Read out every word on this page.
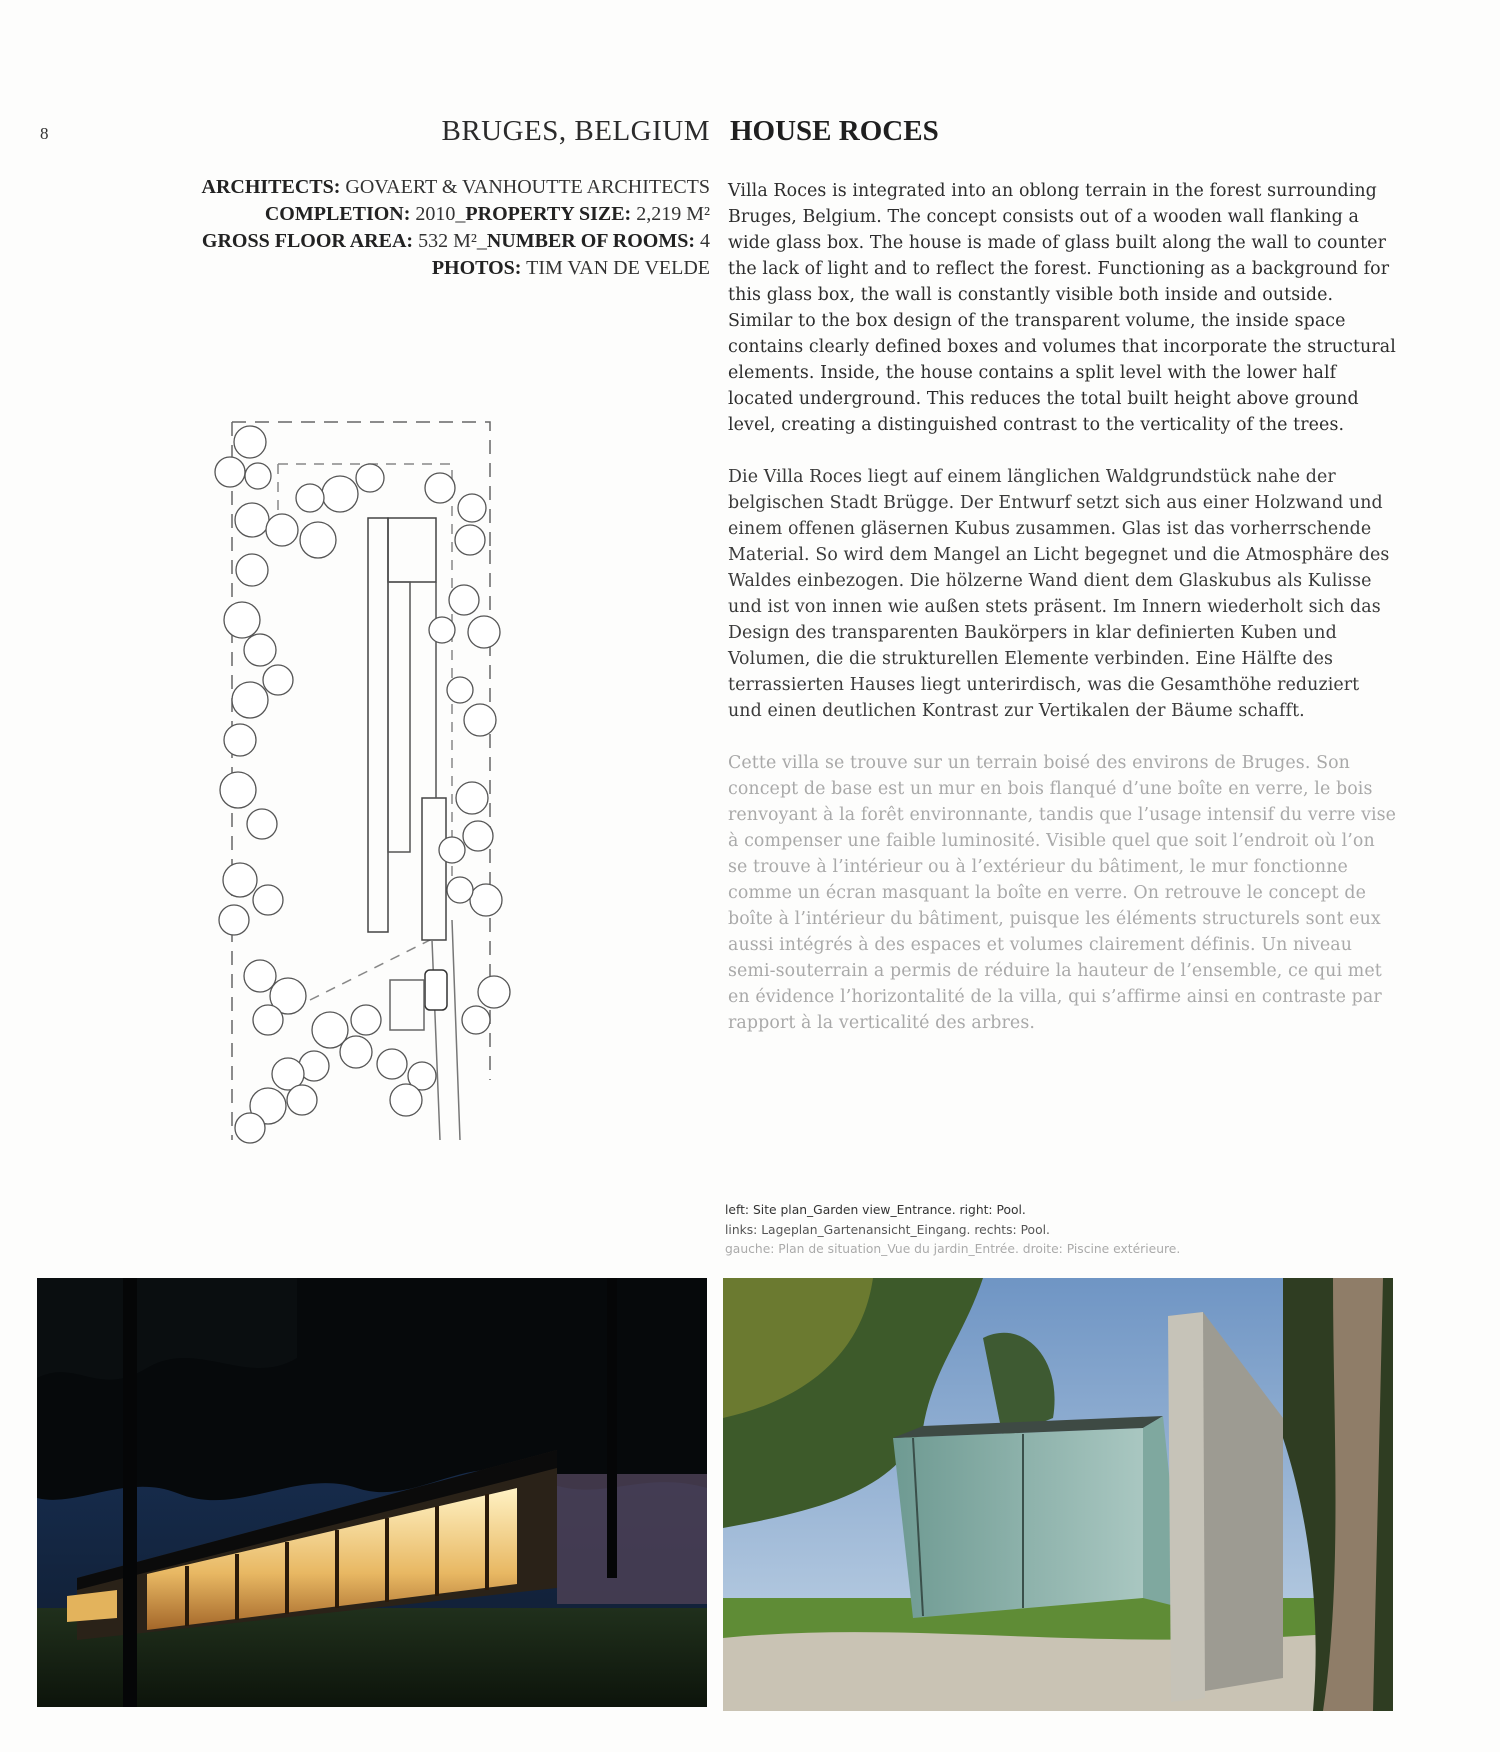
8	BRUGES, BELGIUM HOUSE ROCES
ARCHITECTS: GOVAERT & VANHOUTTE ARCHITECTS
COMPLETION: 2010_PROPERTY SIZE: 2,219 M²
GROSS FLOOR AREA: 532 M²_NUMBER OF ROOMS: 4
PHOTOS: TIM VAN DE VELDE
Villa Roces is integrated into an oblong terrain in the forest surrounding Bruges, Belgium. The concept consists out of a wooden wall flanking a wide glass box. The house is made of glass built along the wall to counter the lack of light and to reflect the forest. Functioning as a background for this glass box, the wall is constantly visible both inside and outside. Similar to the box design of the transparent volume, the inside space contains clearly defined boxes and volumes that incorporate the structural elements. Inside, the house contains a split level with the lower half located underground. This reduces the total built height above ground level, creating a distinguished contrast to the verticality of the trees.
Die Villa Roces liegt auf einem länglichen Waldgrundstück nahe der belgischen Stadt Brügge. Der Entwurf setzt sich aus einer Holzwand und einem offenen gläsernen Kubus zusammen. Glas ist das vorherrschende Material. So wird dem Mangel an Licht begegnet und die Atmosphäre des Waldes einbezogen. Die hölzerne Wand dient dem Glaskubus als Kulisse und ist von innen wie außen stets präsent. Im Innern wiederholt sich das Design des transparenten Baukörpers in klar definierten Kuben und Volumen, die die strukturellen Elemente verbinden. Eine Hälfte des terrassierten Hauses liegt unterirdisch, was die Gesamthöhe reduziert und einen deutlichen Kontrast zur Vertikalen der Bäume schafft.
Cette villa se trouve sur un terrain boisé des environs de Bruges. Son concept de base est un mur en bois flanqué d’une boîte en verre, le bois renvoyant à la forêt environnante, tandis que l’usage intensif du verre vise à compenser une faible luminosité. Visible quel que soit l’endroit où l’on se trouve à l’intérieur ou à l’extérieur du bâtiment, le mur fonctionne comme un écran masquant la boîte en verre. On retrouve le concept de boîte à l’intérieur du bâtiment, puisque les éléments structurels sont eux aussi intégrés à des espaces et volumes clairement définis. Un niveau semi-souterrain a permis de réduire la hauteur de l’ensemble, ce qui met en évidence l’horizontalité de la villa, qui s’affirme ainsi en contraste par rapport à la verticalité des arbres.
left: Site plan_Garden view_Entrance. right: Pool.
links: Lageplan_Gartenansicht_Eingang. rechts: Pool.
gauche: Plan de situation_Vue du jardin_Entrée. droite: Piscine extérieure.
